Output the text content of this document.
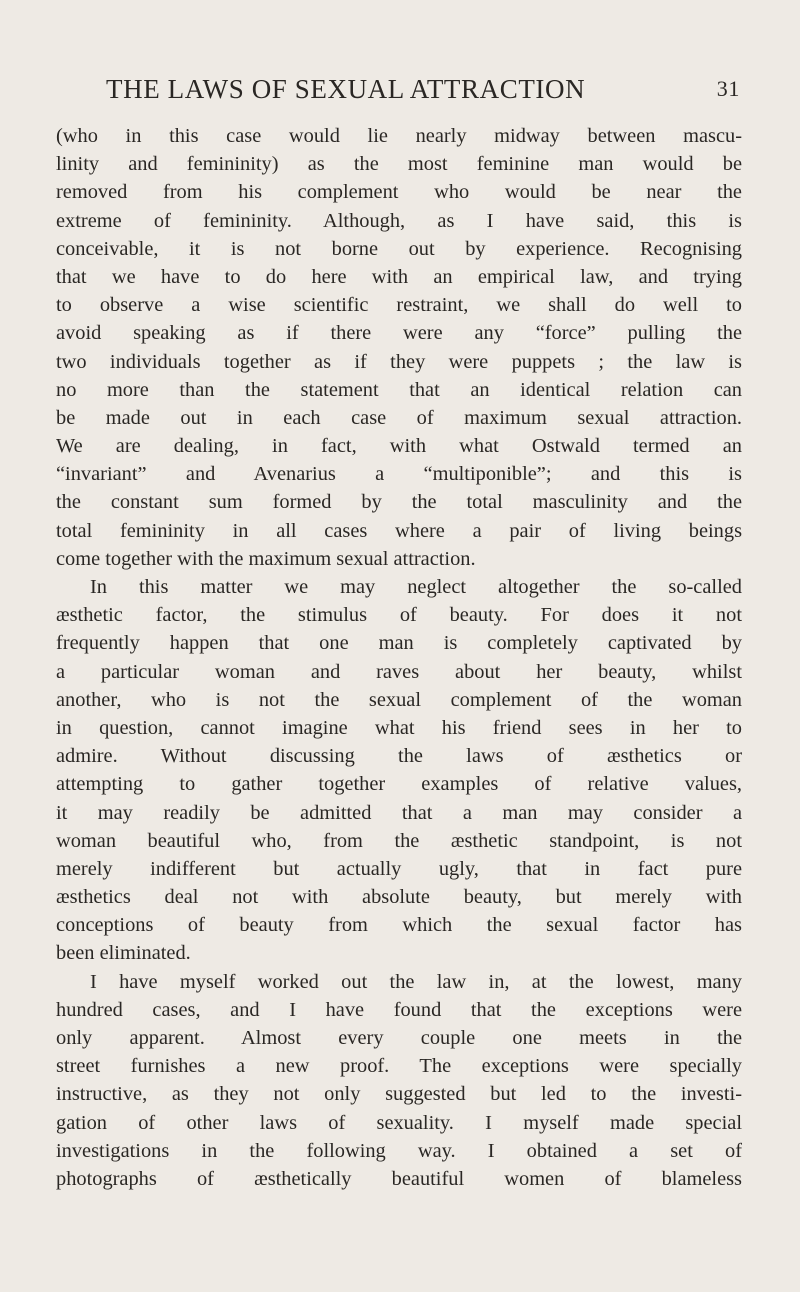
THE LAWS OF SEXUAL ATTRACTION	31
(who in this case would lie nearly midway between mascu-
linity and femininity) as the most feminine man would be
removed from his complement who would be near the
extreme of femininity. Although, as I have said, this is
conceivable, it is not borne out by experience. Recognising
that we have to do here with an empirical law, and trying
to observe a wise scientific restraint, we shall do well to
avoid speaking as if there were any “force” pulling the
two individuals together as if they were puppets ; the law is
no more than the statement that an identical relation can
be made out in each case of maximum sexual attraction.
We are dealing, in fact, with what Ostwald termed an
“invariant” and Avenarius a “multiponible”; and this is
the constant sum formed by the total masculinity and the
total femininity in all cases where a pair of living beings
come together with the maximum sexual attraction.
In this matter we may neglect altogether the so-called
æsthetic factor, the stimulus of beauty. For does it not
frequently happen that one man is completely captivated by
a particular woman and raves about her beauty, whilst
another, who is not the sexual complement of the woman
in question, cannot imagine what his friend sees in her to
admire. Without discussing the laws of æsthetics or
attempting to gather together examples of relative values,
it may readily be admitted that a man may consider a
woman beautiful who, from the æsthetic standpoint, is not
merely indifferent but actually ugly, that in fact pure
æsthetics deal not with absolute beauty, but merely with
conceptions of beauty from which the sexual factor has
been eliminated.
I have myself worked out the law in, at the lowest, many
hundred cases, and I have found that the exceptions were
only apparent. Almost every couple one meets in the
street furnishes a new proof. The exceptions were specially
instructive, as they not only suggested but led to the investi-
gation of other laws of sexuality. I myself made special
investigations in the following way. I obtained a set of
photographs of æsthetically beautiful women of blameless
